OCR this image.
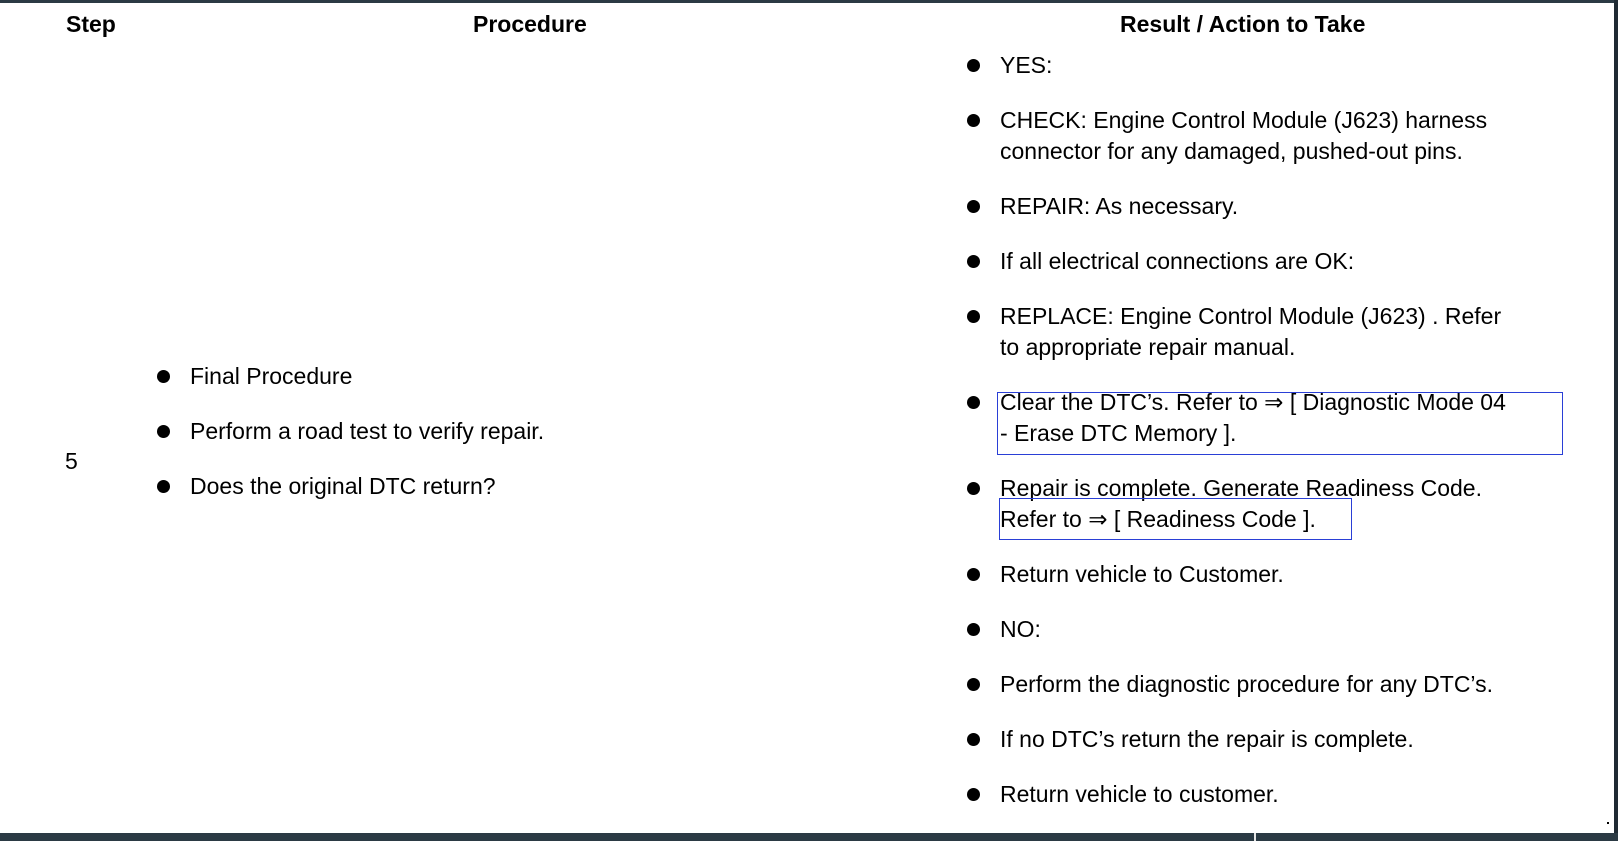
Step	Procedure	Result / Action to Take
5
Final Procedure
Perform a road test to verify repair.
Does the original DTC return?
YES:
CHECK: Engine Control Module (J623) harness
connector for any damaged, pushed-out pins.
REPAIR: As necessary.
If all electrical connections are OK:
REPLACE: Engine Control Module (J623) . Refer
to appropriate repair manual.
Clear the DTC’s. Refer to ⇒ [ Diagnostic Mode 04
- Erase DTC Memory ].
Repair is complete. Generate Readiness Code.
Refer to ⇒ [ Readiness Code ].
Return vehicle to Customer.
NO:
Perform the diagnostic procedure for any DTC’s.
If no DTC’s return the repair is complete.
Return vehicle to customer.
